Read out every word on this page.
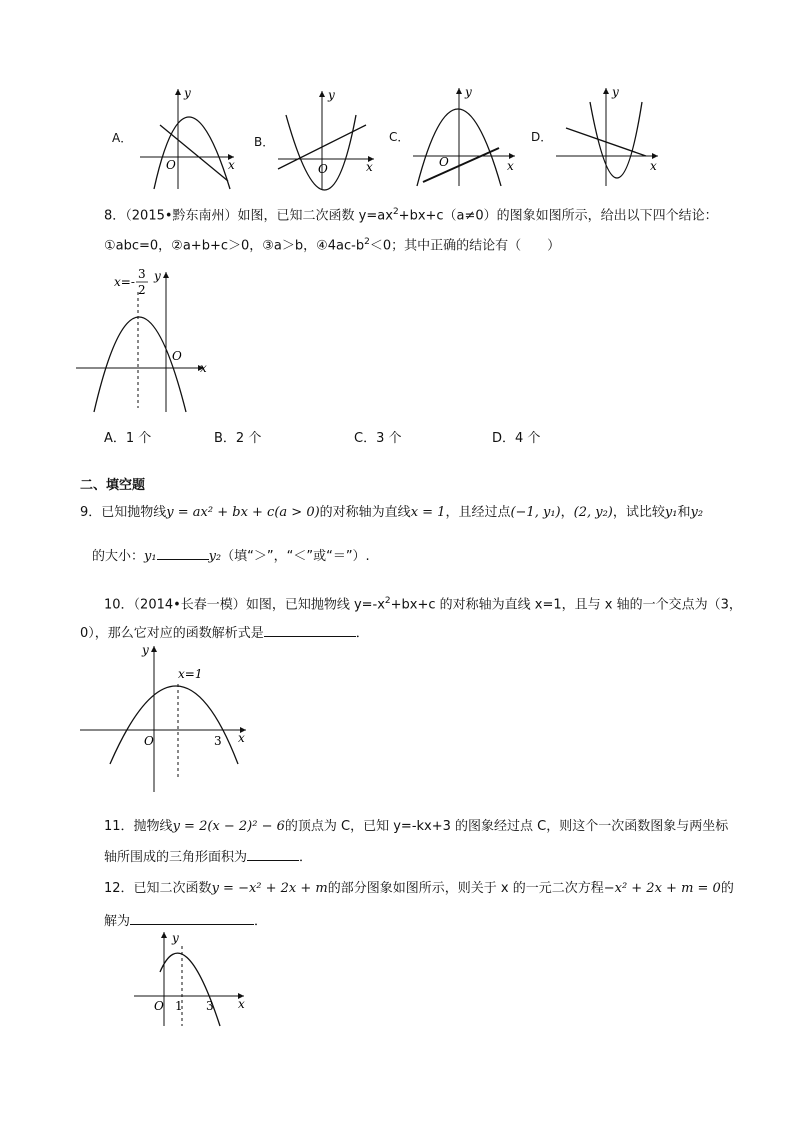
A．
O	x
y
B．
O	x
y
C．
O	x
y
D．
x
y
8．（2015•黔东南州）如图，已知二次函数 $y=ax^2+bx+c(a\ne 0)$的图象如图所示，给出以下四个结论：
①abc=0，②a+b+c＞0，③a＞b，$④4ac-b^2<0$；其中正确的结论有（　　）
x=-
3
2
y
O
x
A．1 个	B．2 个	C．3 个	D．4 个
二、填空题
9．已知抛物线y = ax² + bx + c(a > 0)的对称轴为直线x = 1，且经过点(−1, y₁)，(2, y₂)，试比较y₁和y₂
的大小：y₁	y₂（填“＞”，“＜”或“＝”）.
10．（2014•长春一模）如图，已知抛物线 $y=-x^2+bx+c$ 的对称轴为直线 x=1，且与 x 轴的一个交点为（3，
0），那么它对应的函数解析式是	．
y
x=1
O	3 x
11．抛物线y = 2(x − 2)² − 6的顶点为 C，已知 y=-kx+3 的图象经过点 C，则这个一次函数图象与两坐标
轴所围成的三角形面积为	．
12．已知二次函数y = −x² + 2x + m的部分图象如图所示，则关于 x 的一元二次方程−x² + 2x + m = 0的
解为	．
y
O 1 3 x
